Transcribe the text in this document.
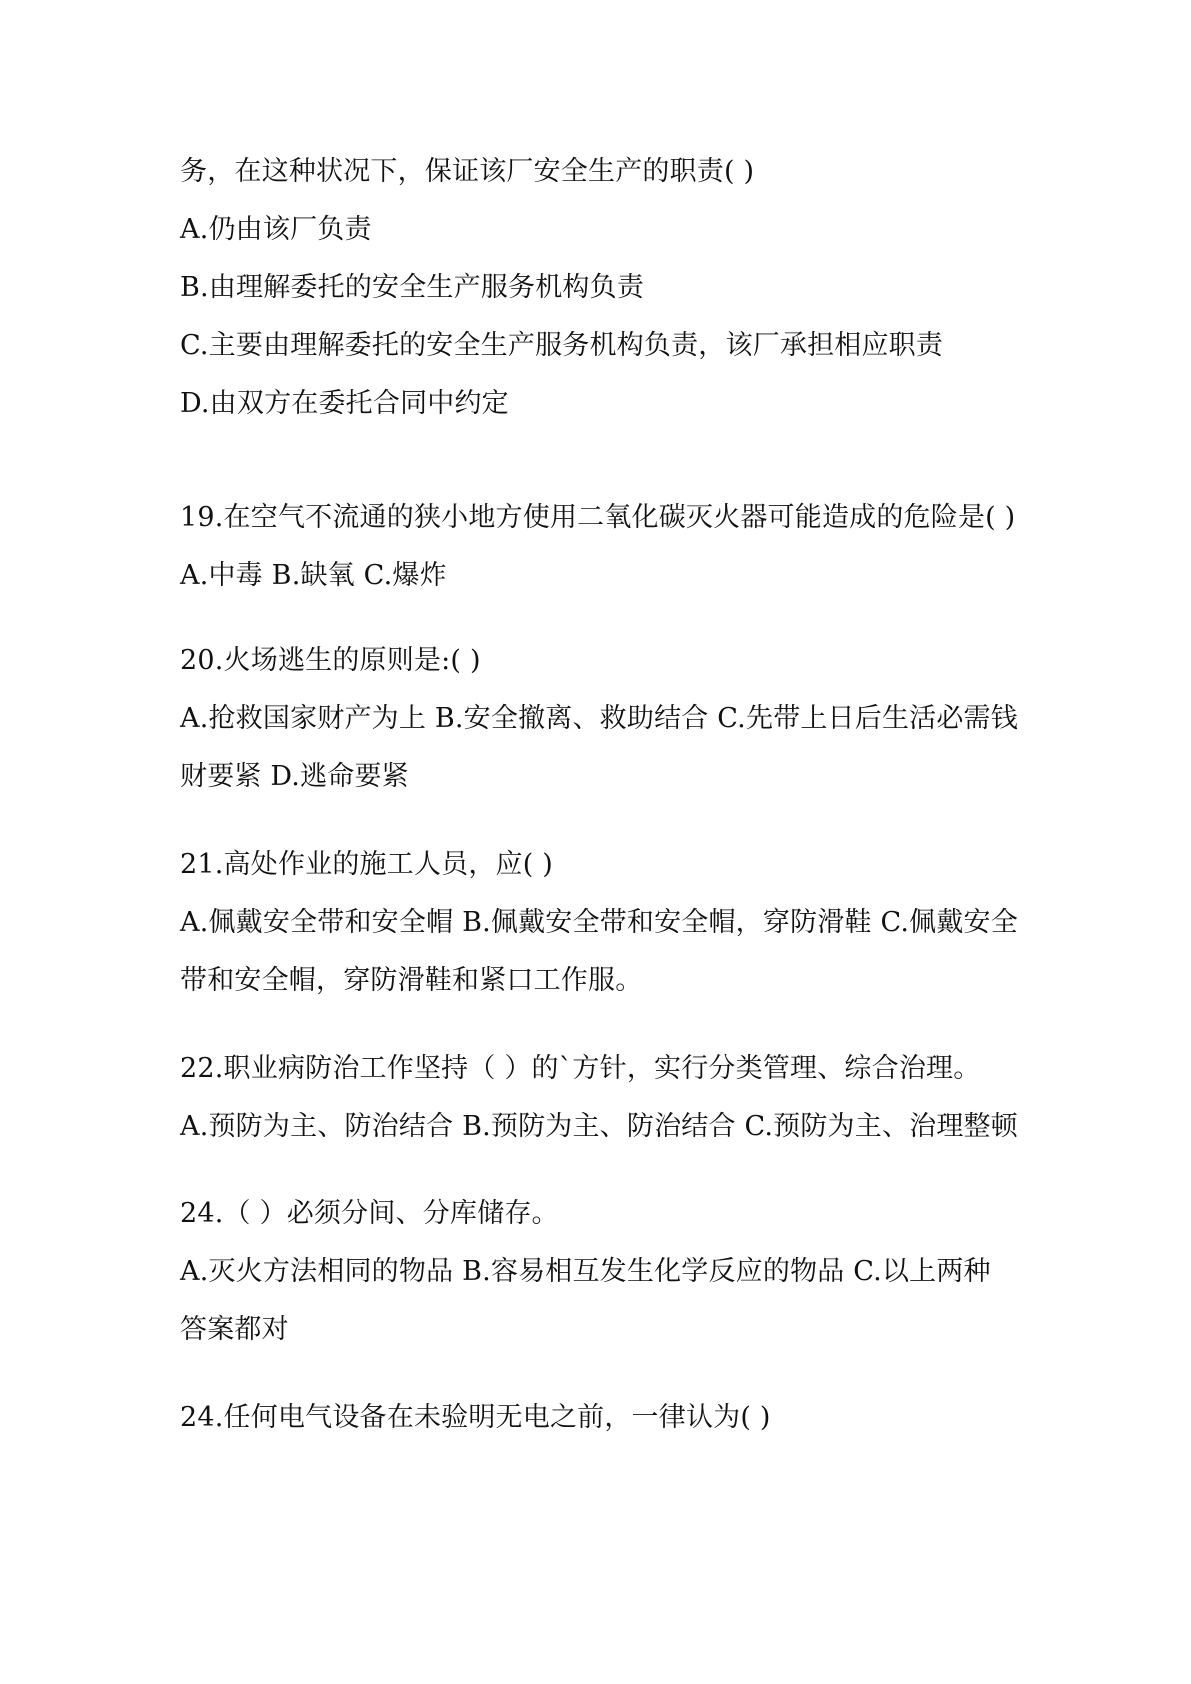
务，在这种状况下，保证该厂安全生产的职责( )
A.仍由该厂负责
B.由理解委托的安全生产服务机构负责
C.主要由理解委托的安全生产服务机构负责，该厂承担相应职责
D.由双方在委托合同中约定
19.在空气不流通的狭小地方使用二氧化碳灭火器可能造成的危险是( )
A.中毒 B.缺氧 C.爆炸
20.火场逃生的原则是:( )
A.抢救国家财产为上 B.安全撤离、救助结合 C.先带上日后生活必需钱
财要紧 D.逃命要紧
21.高处作业的施工人员，应( )
A.佩戴安全带和安全帽 B.佩戴安全带和安全帽，穿防滑鞋 C.佩戴安全
带和安全帽，穿防滑鞋和紧口工作服。
22.职业病防治工作坚持（ ）的`方针，实行分类管理、综合治理。
A.预防为主、防治结合 B.预防为主、防治结合 C.预防为主、治理整顿
24.（ ）必须分间、分库储存。
A.灭火方法相同的物品 B.容易相互发生化学反应的物品 C.以上两种
答案都对
24.任何电气设备在未验明无电之前，一律认为( )
